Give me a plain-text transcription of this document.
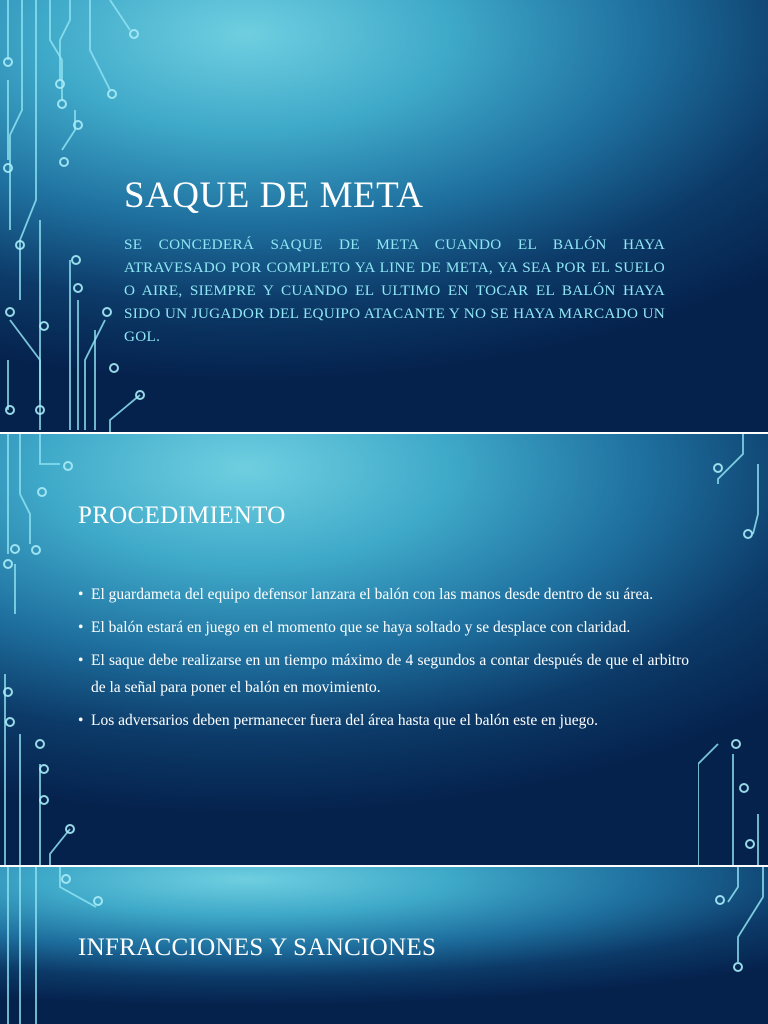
SAQUE DE META
SE CONCEDERÁ SAQUE DE META CUANDO EL BALÓN HAYA ATRAVESADO POR COMPLETO YA LINE DE META, YA SEA POR EL SUELO O AIRE, SIEMPRE Y CUANDO EL ULTIMO EN TOCAR EL BALÓN HAYA SIDO UN JUGADOR DEL EQUIPO ATACANTE Y NO SE HAYA MARCADO UN GOL.
PROCEDIMIENTO
• El guardameta del equipo defensor lanzara el balón con las manos desde dentro de su área.
• El balón estará en juego en el momento que se haya soltado y se desplace con claridad.
• El saque debe realizarse en un tiempo máximo de 4 segundos a contar después de que el arbitro de la señal para poner el balón en movimiento.
• Los adversarios deben permanecer fuera del área hasta que el balón este en juego.
INFRACCIONES Y SANCIONES
